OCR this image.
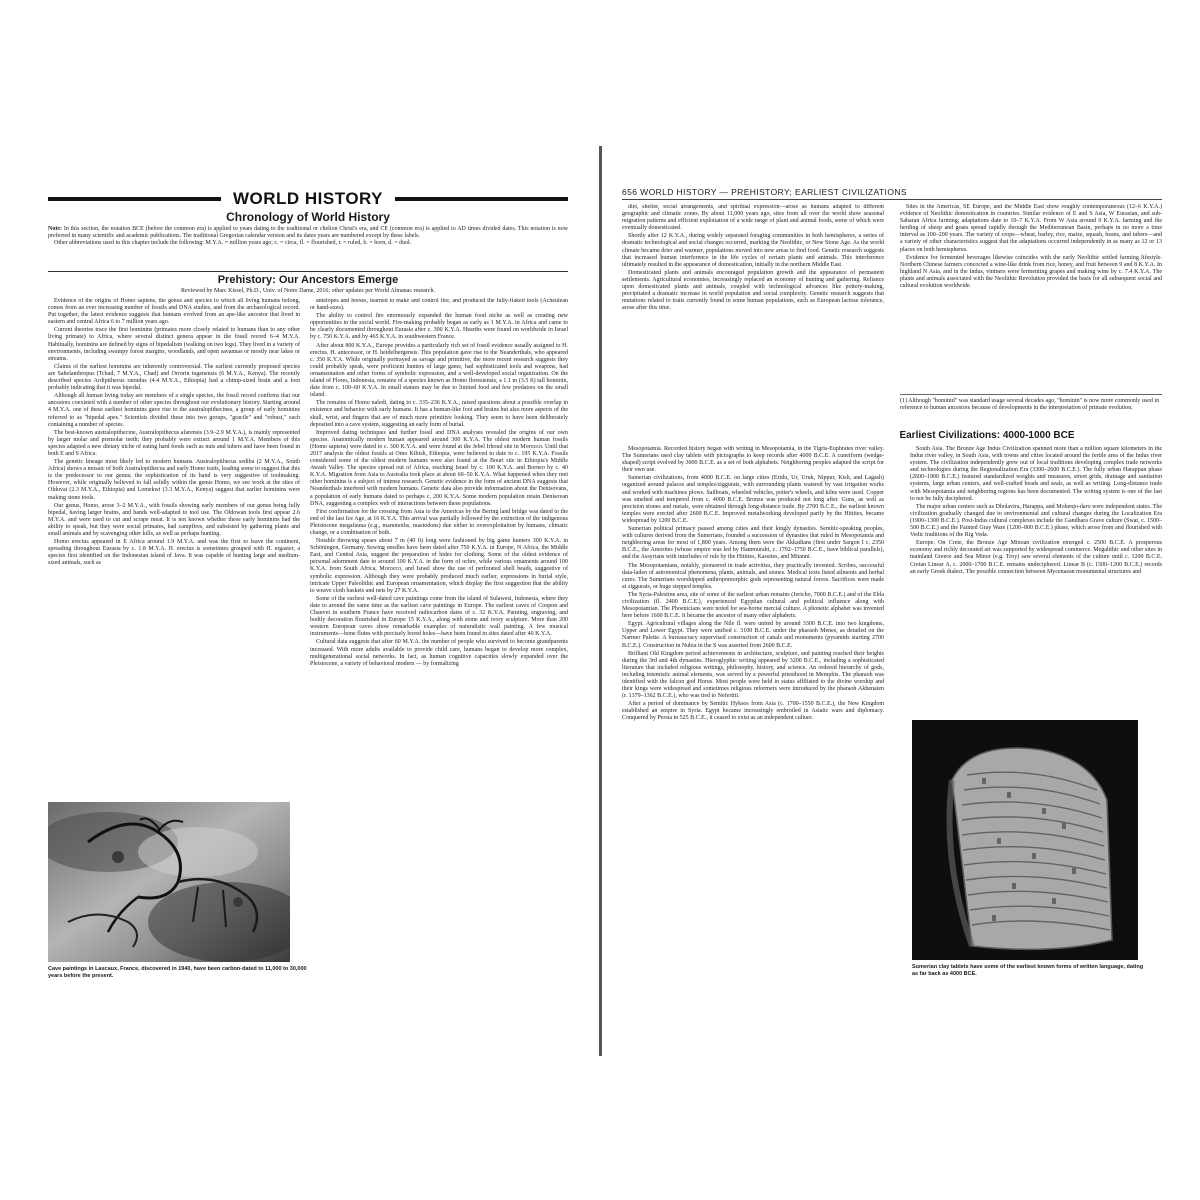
WORLD HISTORY
Chronology of World History
Note: In this section, the notation BCE (before the common era) is applied to years dating to the traditional or chelion Christ's era, and CE (common era) is applied to AD times divided dates. This notation is now preferred in many scientific and academic publications. The traditional Gregorian calendar version and its dates years are numbered except by these labels.
Other abbreviations used in this chapter include the following: M.Y.A. = million years ago; c. = circa, fl. = flourished, r. = ruled, b. = born, d. = died.
Prehistory: Our Ancestors Emerge
Reviewed by Marc Kissel, Ph.D., Univ. of Notre Dame, 2016; other updates per World Almanac research.

Evidence of the origins of Homo sapiens, the genus and species to which all living humans belong, comes from an ever increasing number of fossils and DNA studies, and from the archaeological record. Put together, the latest evidence suggests that humans evolved from an ape-like ancestor that lived in eastern and central Africa 6 to 7 million years ago.

Current theories trace the first hominins (primates more closely related to humans than to any other living primate) to Africa, where several distinct genera appear in the fossil record 6–4 M.Y.A. Habitually, hominins are defined by signs of bipedalism (walking on two legs). They lived in a variety of environments, including swampy forest margins, woodlands, and open savannas or mostly near lakes or streams.

Claims of the earliest hominins are inherently controversial. The earliest currently proposed species are Sahelanthropus (Tchad, 7 M.Y.A., Chad) and Orrorin tugenensis (6 M.Y.A., Kenya). The recently described species Ardipithecus ramidus (4.4 M.Y.A., Ethiopia) had a chimp-sized brain and a foot probably indicating that it was bipedal.

Although all human living today are members of a single species, the fossil record confirms that our ancestors coexisted with a number of other species throughout our evolutionary history. Starting around 4 M.Y.A. one of these earliest hominins gave rise to the australopithecines, a group of early hominins referred to as "bipedal apes." Scientists divided these into two groups, "gracile" and "robust," each containing a number of species.

The best-known australopithecine, Australopithecus afarensis (3.9–2.9 M.Y.A.), is mainly represented by larger molar and premolar teeth; they probably were extinct around 1 M.Y.A. Members of this species adapted a new dietary niche of eating hard foods such as nuts and tubers and have been found in both E and S Africa.

The genetic lineage most likely led to modern humans. Australopithecus sediba (2 M.Y.A., South Africa) shows a mosaic of both Australopithecus and early Homo traits, leading some to suggest that this is the predecessor to our genus; the sophistication of its hand is very suggestive of toolmaking. However, while originally believed to fall solidly within the genus Homo, we see work at the sites of Olduvai (2.3 M.Y.A., Ethiopia) and Lomekwi (3.3 M.Y.A., Kenya) suggest that earlier hominins were making stone tools.

Our genus, Homo, arose 3–2 M.Y.A., with fossils showing early members of our genus being fully bipedal, having larger brains, and hands well-adapted to tool use. The Oldowan tools first appear 2.6 M.Y.A. and were used to cut and scrape meat. It is not known whether these early hominins had the ability to speak, but they were social primates, had campfires, and subsisted by gathering plants and small animals and by scavenging other kills, as well as perhaps hunting.

Homo erectus appeared in E Africa around 1.9 M.Y.A. and was the first to leave the continent, spreading throughout Eurasia by c. 1.8 M.Y.A. H. erectus is sometimes grouped with H. ergaster, a species first identified on the Indonesian island of Java. It was capable of hunting large and medium-sized animals, such as

antelopes and horses, learned to make and control fire, and produced the fully-flaked tools (Acheulean or hand-axes).

The ability to control fire enormously expanded the human food niche as well as creating new opportunities in the social world. Fire-making probably began as early as 1 M.Y.A. in Africa and came to be clearly documented throughout Eurasia after c. 300 K.Y.A. Hearths were found on worldwide in Israel by c. 750 K.Y.A. and by 465 K.Y.A. in southwestern France.

After about 800 K.Y.A., Europe provides a particularly rich set of fossil evidence usually assigned to H. erectus. H. antecessor, or H. heidelbergensis. This population gave rise to the Neanderthals, who appeared c. 350 K.Y.A. While originally portrayed as savage and primitive, the more recent research suggests they could probably speak, were proficient hunters of large game, had sophisticated tools and weapons, had ornamentation and other forms of symbolic expression, and a well-developed social organization. On the island of Flores, Indonesia, remains of a species known as Homo floresiensis, a 1.1 m (3.5 ft) tall hominin, date from c. 100–60 K.Y.A. In small statues may be due to limited food and few predators on the small island.

The remains of Homo naledi, dating to c. 335–236 K.Y.A., raised questions about a possible overlap in existence and behavior with early humans. It has a human-like foot and brains but also more aspects of the skull, wrist, and fingers that are of much more primitive looking. They seem to have been deliberately deposited into a cave system, suggesting an early form of burial.

Improved dating techniques and further fossil and DNA analyses revealed the origins of our own species. Anatomically modern human appeared around 300 K.Y.A. The oldest modern human fossils (Homo sapiens) were dated to c. 300 K.Y.A. and were found at the Jebel Irhoud site in Morocco. Until that 2017 analysis the oldest fossils at Omo Kibish, Ethiopia, were believed to date to c. 195 K.Y.A. Fossils considered some of the oldest modern humans were also found at the Bouri site in Ethiopia's Middle Awash Valley. The species spread out of Africa, reaching Israel by c. 100 K.Y.A. and Borneo by c. 40 K.Y.A. Migration from Asia to Australia took place at about 60–50 K.Y.A. What happened when they met other hominins is a subject of intense research. Genetic evidence in the form of ancient DNA suggests that Neanderthals interbred with modern humans. Genetic data also provide information about the Denisovans, a population of early humans dated to perhaps c. 200 K.Y.A. Some modern population retain Denisovan DNA, suggesting a complex web of interactions between these populations.

First confirmation for the crossing from Asia to the Americas by the Bering land bridge was dated to the end of the last Ice Age, at 16 K.Y.A. This arrival was partially followed by the extinction of the indigenous Pleistocene megafauna (e.g., mammoths, mastodons) due either to overexploitation by humans, climatic change, or a combination of both.

Notable throwing spears about 7 m (40 ft) long were fashioned by big game hunters 300 K.Y.A. in Schöningen, Germany. Sewing needles have been dated after 750 K.Y.A. in Europe, N Africa, the Middle East, and Central Asia, suggest the preparation of hides for clothing. Some of the oldest evidence of personal adornment date to around 100 K.Y.A. in the form of ochre, while various ornaments around 100 K.Y.A. from South Africa, Morocco, and Israel show the use of perforated shell beads, suggestive of symbolic expression. Although they were probably produced much earlier, expressions in burial style, intricate Upper Paleolithic and European ornamentation, which display the first suggestion that the ability to weave cloth baskets and nets by 27 K.Y.A.

Some of the earliest well-dated cave paintings come from the island of Sulawesi, Indonesia, where they date to around the same time as the earliest cave paintings in Europe. The earliest caves of Coupon and Chauvet in southern France have received radiocarbon dates of c. 32 K.Y.A. Painting, engraving, and bodily decoration flourished in Europe 15 K.Y.A., along with stone and ivory sculpture. More than 200 western European caves show remarkable examples of naturalistic wall painting. A few musical instruments—bone flutes with precisely bored holes—have been found in sites dated after 40 K.Y.A.

Cultural data suggests that after 60 M.Y.A. the number of people who survived to become grandparents increased. With more adults available to provide child care, humans began to develop more complex, multigenerational social networks. In fact, as human cognitive capacities slowly expanded over the Pleistocene, a variety of behavioral modern — by formalizing

Cave paintings in Lascaux, France, discovered in 1940, have been carbon-dated to 11,000 to 30,000 years before the present.
656 WORLD HISTORY — PREHISTORY; EARLIEST CIVILIZATIONS

diet, shelter, social arrangements, and spiritual expression—arose as humans adapted to different geographic and climatic zones. By about 11,000 years ago, sites from all over the world show seasonal migration patterns and efficient exploitation of a wide range of plant and animal foods, some of which were eventually domesticated.

Shortly after 12 K.Y.A., during widely separated foraging communities in both hemispheres, a series of dramatic technological and social changes occurred, marking the Neolithic, or New Stone Age. As the world climate became drier and warmer, populations moved into new areas to find food. Genetic research suggests that increased human interference in the life cycles of certain plants and animals. This interference ultimately resulted in the appearance of domestication, initially in the northern Middle East.

Domesticated plants and animals encouraged population growth and the appearance of permanent settlements. Agricultural economies, increasingly replaced an economy of hunting and gathering. Reliance upon domesticated plants and animals, coupled with technological advances like pottery-making, precipitated a dramatic increase in world population and social complexity. Genetic research suggests that mutations related to traits currently found in some human populations, such as European lactose tolerance, arose after this time.

Sites in the Americas, SE Europe, and the Middle East show roughly contemporaneous (12–6 K.Y.A.) evidence of Neolithic domestication in countries. Similar evidence of E and S Asia, W Eurasian, and sub-Saharan Africa farming; adaptations date to 10–7 K.Y.A. From W Asia around 9 K.Y.A. farming and the herding of sheep and goats spread rapidly through the Mediterranean Basin, perhaps in no more a time interval as 100–200 years. The variety of crops—wheat, barley, rice, maize, squash, beans, and tubers—and a variety of other characteristics suggest that the adaptations occurred independently in as many as 12 or 13 places on both hemispheres.

Evidence for fermented beverages likewise coincides with the early Neolithic settled farming lifestyle. Northern Chinese farmers concocted a wine-like drink from rice, honey, and fruit between 9 and 8 K.Y.A. In highland N Asia, and in the Indus, vintners were fermenting grapes and making wine by c. 7.4 K.Y.A. The plants and animals associated with the Neolithic Revolution provided the basis for all subsequent social and cultural evolution worldwide.

(1) Although "hominid" was standard usage several decades ago, "hominin" is now more commonly used in reference to human ancestors because of developments in the interpretation of primate evolution.
Earliest Civilizations: 4000-1000 BCE

Mesopotamia. Recorded history began with writing in Mesopotamia, in the Tigris-Euphrates river valley. The Sumerians used clay tablets with pictographs to keep records after 4000 B.C.E. A cuneiform (wedge-shaped) script evolved by 3000 B.C.E. as a set of both alphabets. Neighboring peoples adapted the script for their own use.

Sumerian civilizations, from 4000 B.C.E. on large cities (Eridu, Ur, Uruk, Nippur, Kish, and Lagash) organized around palaces and temples/ziggurats, with surrounding plants watered by vast irrigation works and worked with machines plows. Sailboats, wheeled vehicles, potter's wheels, and kilns were used. Copper was smelted and tempered from c. 4000 B.C.E. Bronze was produced not long after. Guns, as well as precision stones and metals, were obtained through long-distance trade. By 2700 B.C.E., the earliest known temples were erected after 2600 B.C.E. Improved metalworking developed partly by the Hittites, became widespread by 1200 B.C.E.

Sumerian political primacy passed among cities and their kingly dynasties. Semitic-speaking peoples, with cultures derived from the Sumerians, founded a succession of dynasties that ruled in Mesopotamia and neighboring areas for most of 1,800 years. Among them were the Akkadians (first under Sargon I c. 2350 B.C.E., the Amorites (whose empire was led by Hammurabi, c. 1792–1750 B.C.E., have biblical parallels), and the Assyrians with interludes of rule by the Hittites, Kassites, and Mitanni.

The Mesopotamians, notably, pioneered in trade activities, they practically invented. Scribes, successful data-laden of astronomical phenomena, plants, animals, and stones. Medical texts listed ailments and herbal cures. The Sumerians worshipped anthropomorphic gods representing natural forces. Sacrifices were made at ziggurats, or huge stepped temples.

The Syria-Palestine area, site of some of the earliest urban remains (Jericho, 7000 B.C.E.) and of the Ebla civilization (fl. 2400 B.C.E.), experienced Egyptian cultural and political influence along with Mesopotamian. The Phoenicians were noted for sea-borne mercial culture. A phonetic alphabet was invented here before 1600 B.C.E. It became the ancestor of many other alphabets.

Egypt. Agricultural villages along the Nile fl. were united by around 3300 B.C.E. into two kingdoms, Upper and Lower Egypt. They were unified c. 3100 B.C.E. under the pharaoh Menes, as detailed on the Narmer Palette. A bureaucracy supervised construction of canals and monuments (pyramids starting 2700 B.C.E.). Construction in Nubia in the S was asserted from 2600 B.C.E.

Brilliant Old Kingdom period achievements in architecture, sculpture, and painting reached their heights during the 3rd and 4th dynasties. Hieroglyphic writing appeared by 3200 B.C.E., including a sophisticated literature that included religious writings, philosophy, history, and science. An ordered hierarchy of gods, including totemistic animal elements, was served by a powerful priesthood in Memphis. The pharaoh was identified with the falcon god Horus. Most people were held in status affiliated to the divine worship and their kings were widespread and sometimes religious reformers were introduced by the pharaoh Akhenaten (r. 1379–1362 B.C.E.), who was tied to Nefertiti.

After a period of dominance by Semitic Hyksos from Asia (c. 1700–1550 B.C.E.), the New Kingdom established an empire in Syria. Egypt became increasingly embroiled in Asiatic wars and diplomacy. Conquered by Persia in 525 B.C.E., it ceased to exist as an independent culture.

South Asia. The Bronze Age Indus Civilization spanned more than a million square kilometers in the Indus river valley, in South Asia, with towns and cities located around the fertile area of the Indus river system. The civilization independently grew out of local traditions developing complex trade networks and technologies during the Regionalization Era (3300–2600 B.C.E.). The fully urban Harappan phase (2600–1900 B.C.E.) featured standardized weights and measures, street grids, drainage and sanitation systems, large urban centers, and well-crafted beads and seals, as well as writing. Long-distance trade with Mesopotamia and neighboring regions has been documented. The writing system is one of the last to not be fully deciphered.

The major urban centers such as Dholavira, Harappa, and Mohenjo-daro were independent states. The civilization gradually changed due to environmental and cultural changes during the Localization Era (1900–1300 B.C.E.). Post-Indus cultural complexes include the Gandhara Grave culture (Swat, c. 1500–500 B.C.E.) and the Painted Gray Ware (1200–800 B.C.E.) phase, which arose from and flourished with Vedic traditions of the Rig Veda.

Europe. On Crete, the Bronze Age Minoan civilization emerged c. 2500 B.C.E. A prosperous economy and richly decorated art was supported by widespread commerce. Megalithic and other sites in mainland Greece and Sea Minor (e.g. Troy) saw several elements of the culture until c. 1200 B.C.E. Cretan Linear A, c. 2000–1700 B.C.E. remains undeciphered. Linear B (c. 1500–1200 B.C.E.) records an early Greek dialect. The possible connection between Mycenaean monumental structures and

Sumerian clay tablets have some of the earliest known forms of written language, dating as far back as 4000 BCE.
